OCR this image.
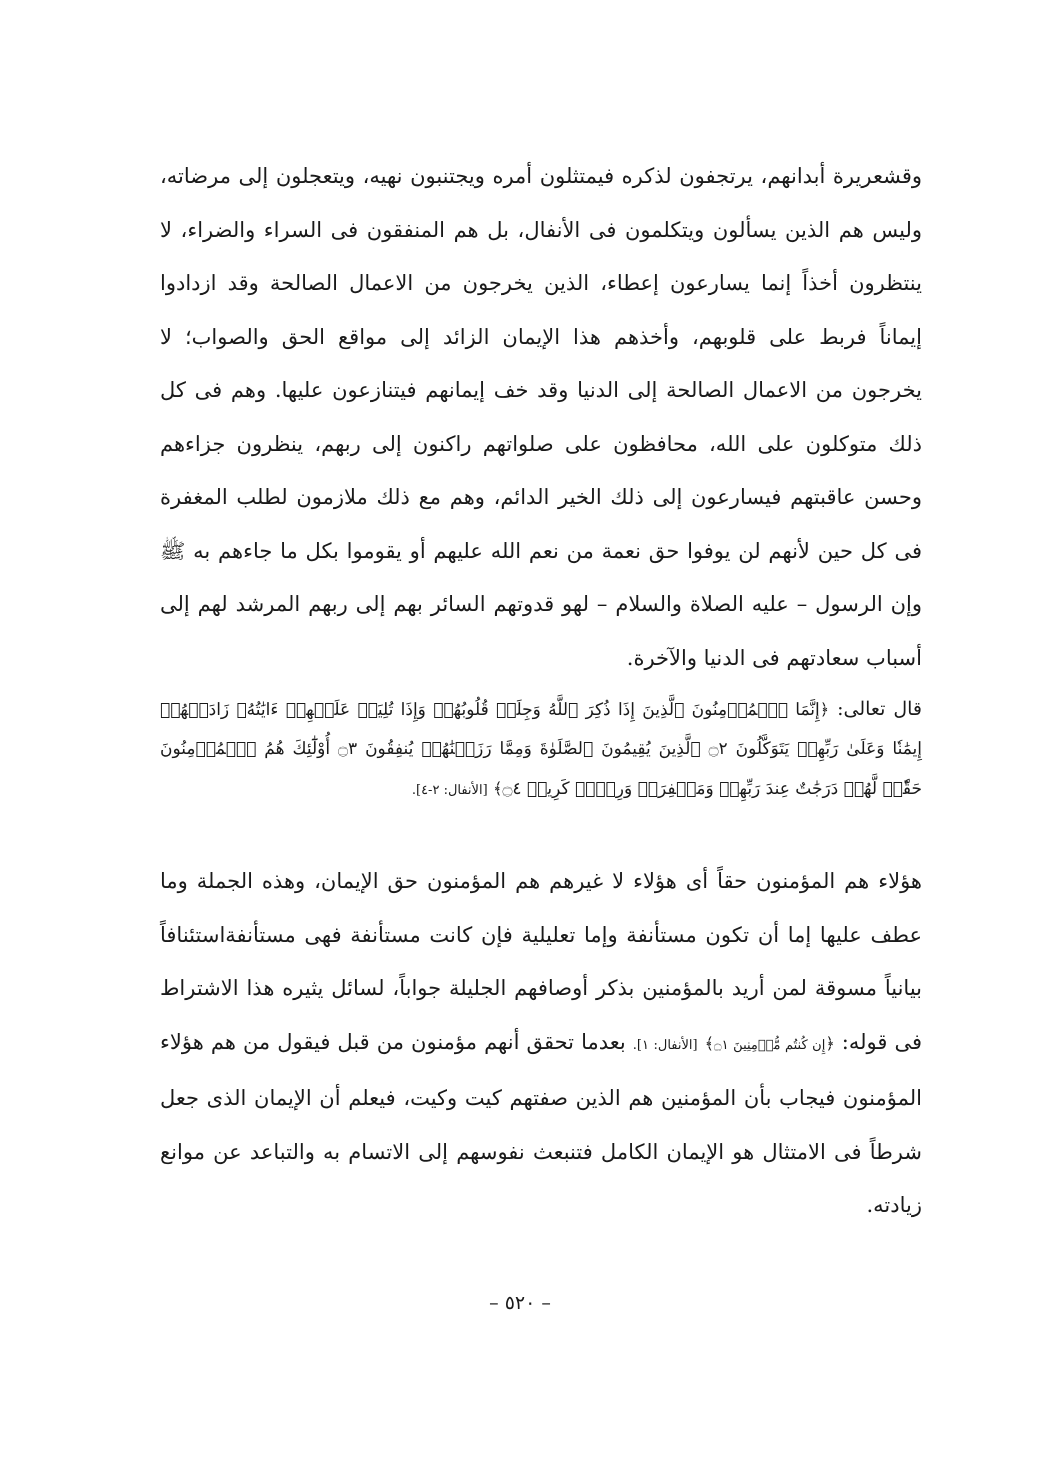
وقشعريرة أبدانهم، يرتجفون لذكره فيمتثلون أمره ويجتنبون نهيه، ويتعجلون إلى مرضاته، وليس هم الذين يسألون ويتكلمون فى الأنفال، بل هم المنفقون فى السراء والضراء، لا ينتظرون أخذاً إنما يسارعون إعطاء، الذين يخرجون من الاعمال الصالحة وقد ازدادوا إيماناً فربط على قلوبهم، وأخذهم هذا الإيمان الزائد إلى مواقع الحق والصواب؛ لا يخرجون من الاعمال الصالحة إلى الدنيا وقد خف إيمانهم فيتنازعون عليها. وهم فى كل ذلك متوكلون على الله، محافظون على صلواتهم راكنون إلى ربهم، ينظرون جزاءهم وحسن عاقبتهم فيسارعون إلى ذلك الخير الدائم، وهم مع ذلك ملازمون لطلب المغفرة فى كل حين لأنهم لن يوفوا حق نعمة من نعم الله عليهم أو يقوموا بكل ما جاءهم به ﷺ وإن الرسول – عليه الصلاة والسلام – لهو قدوتهم السائر بهم إلى ربهم المرشد لهم إلى أسباب سعادتهم فى الدنيا والآخرة.

قال تعالى: ﴿إِنَّمَا ٱلۡمُؤۡمِنُونَ ٱلَّذِينَ إِذَا ذُكِرَ ٱللَّهُ وَجِلَتۡ قُلُوبُهُمۡ وَإِذَا تُلِيَتۡ عَلَيۡهِمۡ ءَايَٰتُهُۥ زَادَتۡهُمۡ إِيمَٰنٗا وَعَلَىٰ رَبِّهِمۡ يَتَوَكَّلُونَ ۝٢ ٱلَّذِينَ يُقِيمُونَ ٱلصَّلَوٰةَ وَمِمَّا رَزَقۡنَٰهُمۡ يُنفِقُونَ ۝٣ أُوْلَٰٓئِكَ هُمُ ٱلۡمُؤۡمِنُونَ حَقّٗاۚ لَّهُمۡ دَرَجَٰتٌ عِندَ رَبِّهِمۡ وَمَغۡفِرَةٞ وَرِزۡقٞ كَرِيمٞ ۝٤﴾ [الأنفال: ٢-٤].

هؤلاء هم المؤمنون حقاً أى هؤلاء لا غيرهم هم المؤمنون حق الإيمان، وهذه الجملة وما عطف عليها إما أن تكون مستأنفة وإما تعليلية فإن كانت مستأنفة فهى مستأنفةاستئنافاً بيانياً مسوقة لمن أريد بالمؤمنين بذكر أوصافهم الجليلة جواباً، لسائل يثيره هذا الاشتراط فى قوله: ﴿إِن كُنتُم مُّؤۡمِنِينَ ۝١﴾ [الأنفال: ١]. بعدما تحقق أنهم مؤمنون من قبل فيقول من هم هؤلاء المؤمنون فيجاب بأن المؤمنين هم الذين صفتهم كيت وكيت، فيعلم أن الإيمان الذى جعل شرطاً فى الامتثال هو الإيمان الكامل فتنبعث نفوسهم إلى الاتسام به والتباعد عن موانع زيادته.

– ٥٢٠ –
